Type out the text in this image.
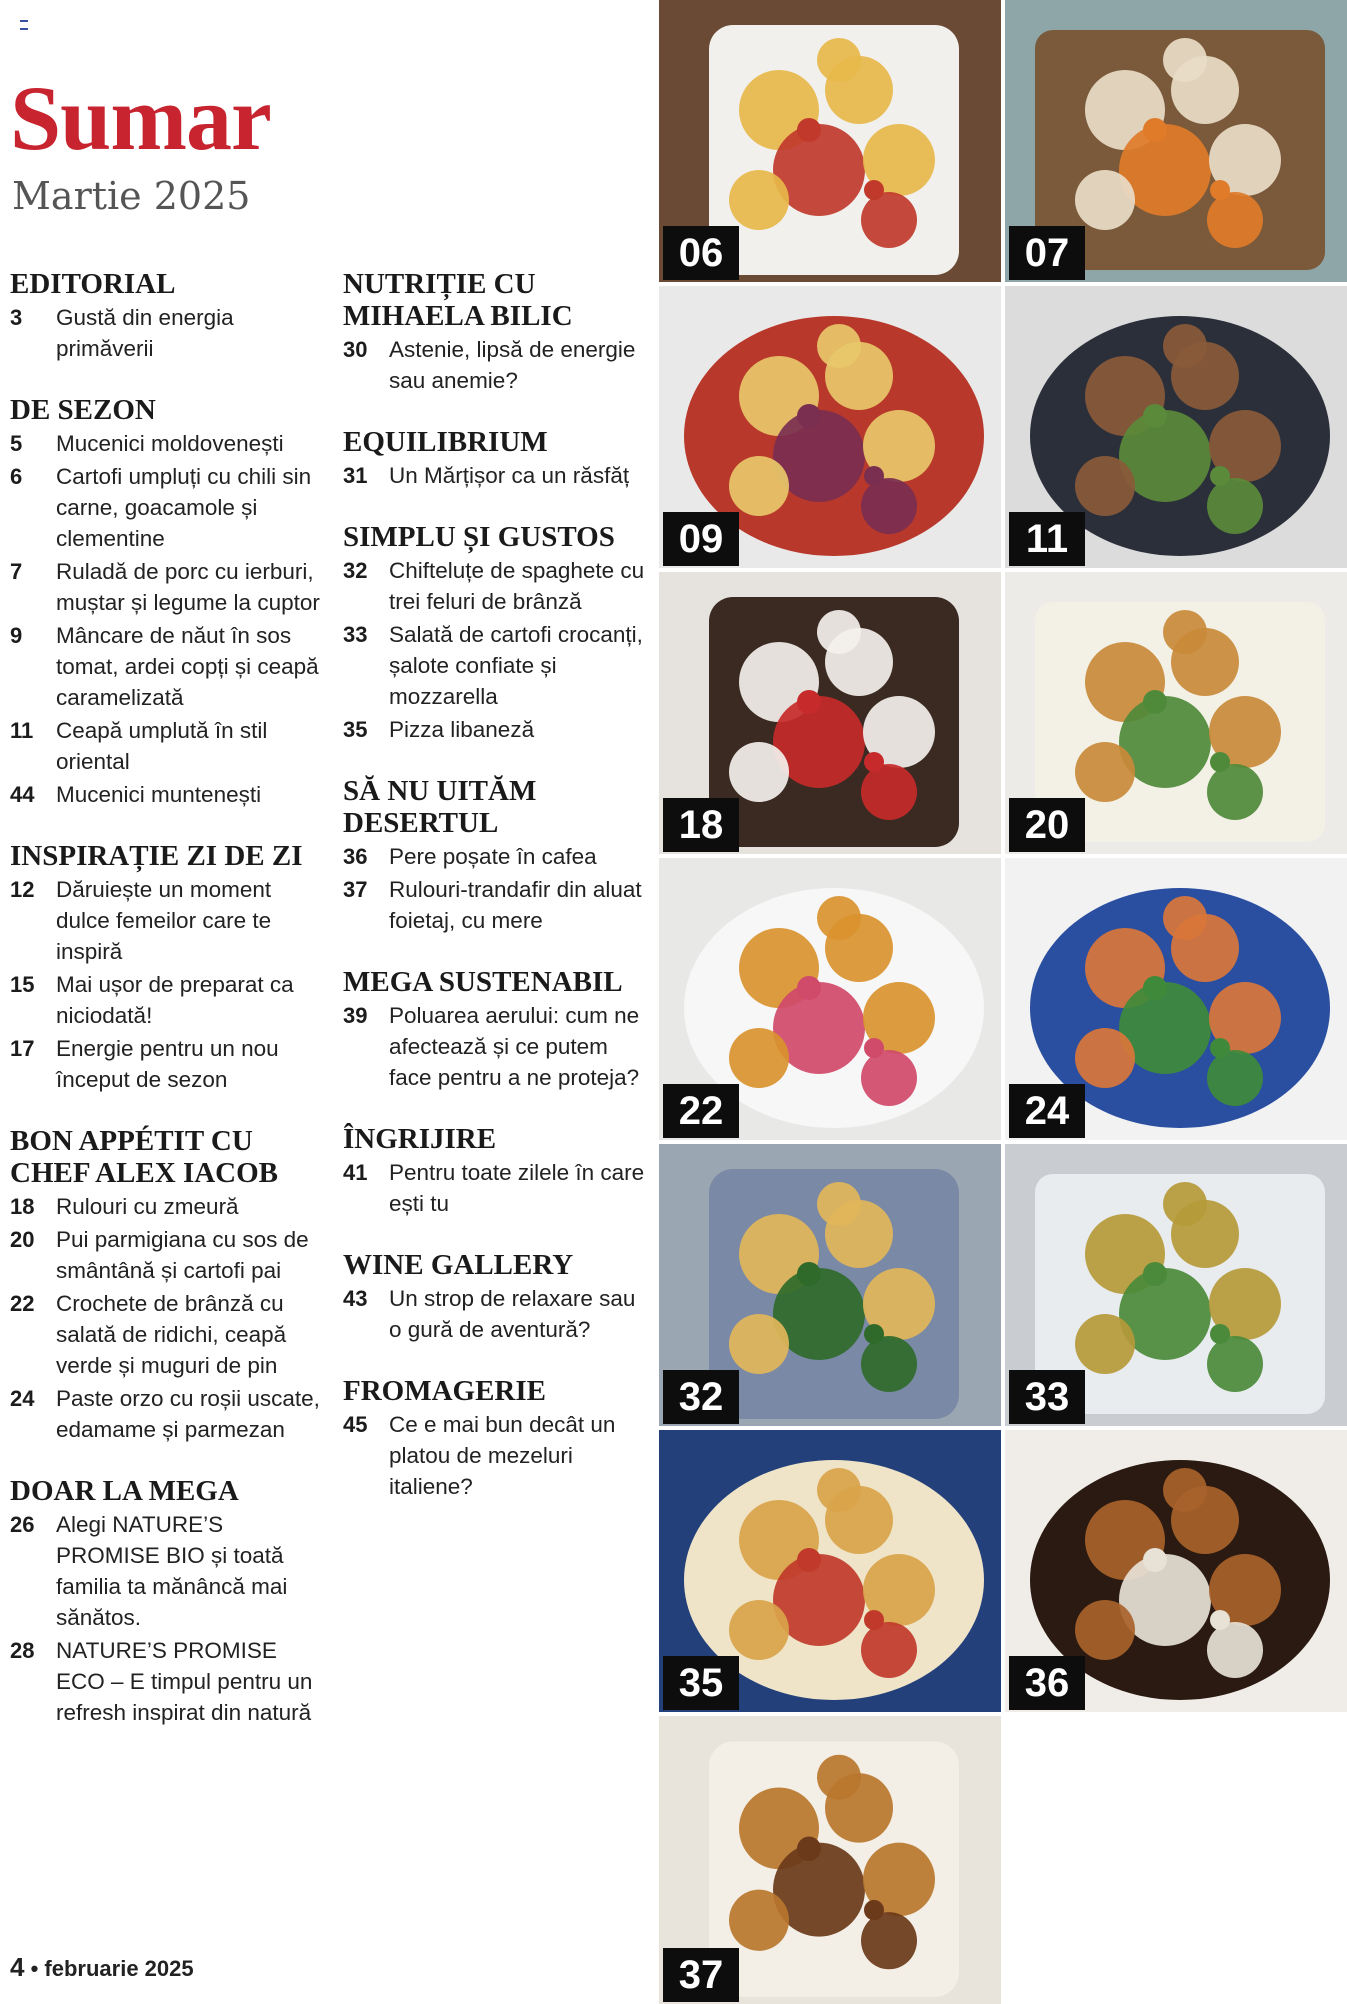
Sumar
Martie 2025
EDITORIAL
3	Gustă din energia primăverii
DE SEZON
5	Mucenici moldovenești
6	Cartofi umpluți cu chili sin carne, goacamole și clementine
7	Ruladă de porc cu ierburi, muștar și legume la cuptor
9	Mâncare de năut în sos tomat, ardei copți și ceapă caramelizată
11	Ceapă umplută în stil oriental
44 Mucenici muntenești
INSPIRAȚIE ZI DE ZI
12 Dăruiește un moment dulce femeilor care te inspiră
15 Mai ușor de preparat ca niciodată!
17 Energie pentru un nou început de sezon
BON APPÉTIT CU CHEF ALEX IACOB
18 Rulouri cu zmeură
20 Pui parmigiana cu sos de smântână și cartofi pai
22 Crochete de brânză cu salată de ridichi, ceapă verde și muguri de pin
24 Paste orzo cu roșii uscate, edamame și parmezan
DOAR LA MEGA
26 Alegi NATURE’S PROMISE BIO și toată familia ta mănâncă mai sănătos.
28 NATURE’S PROMISE ECO – E timpul pentru un refresh inspirat din natură
NUTRIȚIE CU MIHAELA BILIC
30 Astenie, lipsă de energie sau anemie?
EQUILIBRIUM
31 Un Mărțișor ca un răsfăț
SIMPLU ȘI GUSTOS
32 Chifteluțe de spaghete cu trei feluri de brânză
33 Salată de cartofi crocanți, șalote confiate și mozzarella
35 Pizza libaneză
SĂ NU UITĂM DESERTUL
36 Pere poșate în cafea
37 Rulouri-trandafir din aluat foietaj, cu mere
MEGA SUSTENABIL
39 Poluarea aerului: cum ne afectează și ce putem face pentru a ne proteja?
ÎNGRIJIRE
41 Pentru toate zilele în care ești tu
WINE GALLERY
43 Un strop de relaxare sau o gură de aventură?
FROMAGERIE
45 Ce e mai bun decât un platou de mezeluri italiene?
4 • februarie 2025
06	07
09	11
18	20
22	24
32	33
35	36
37
